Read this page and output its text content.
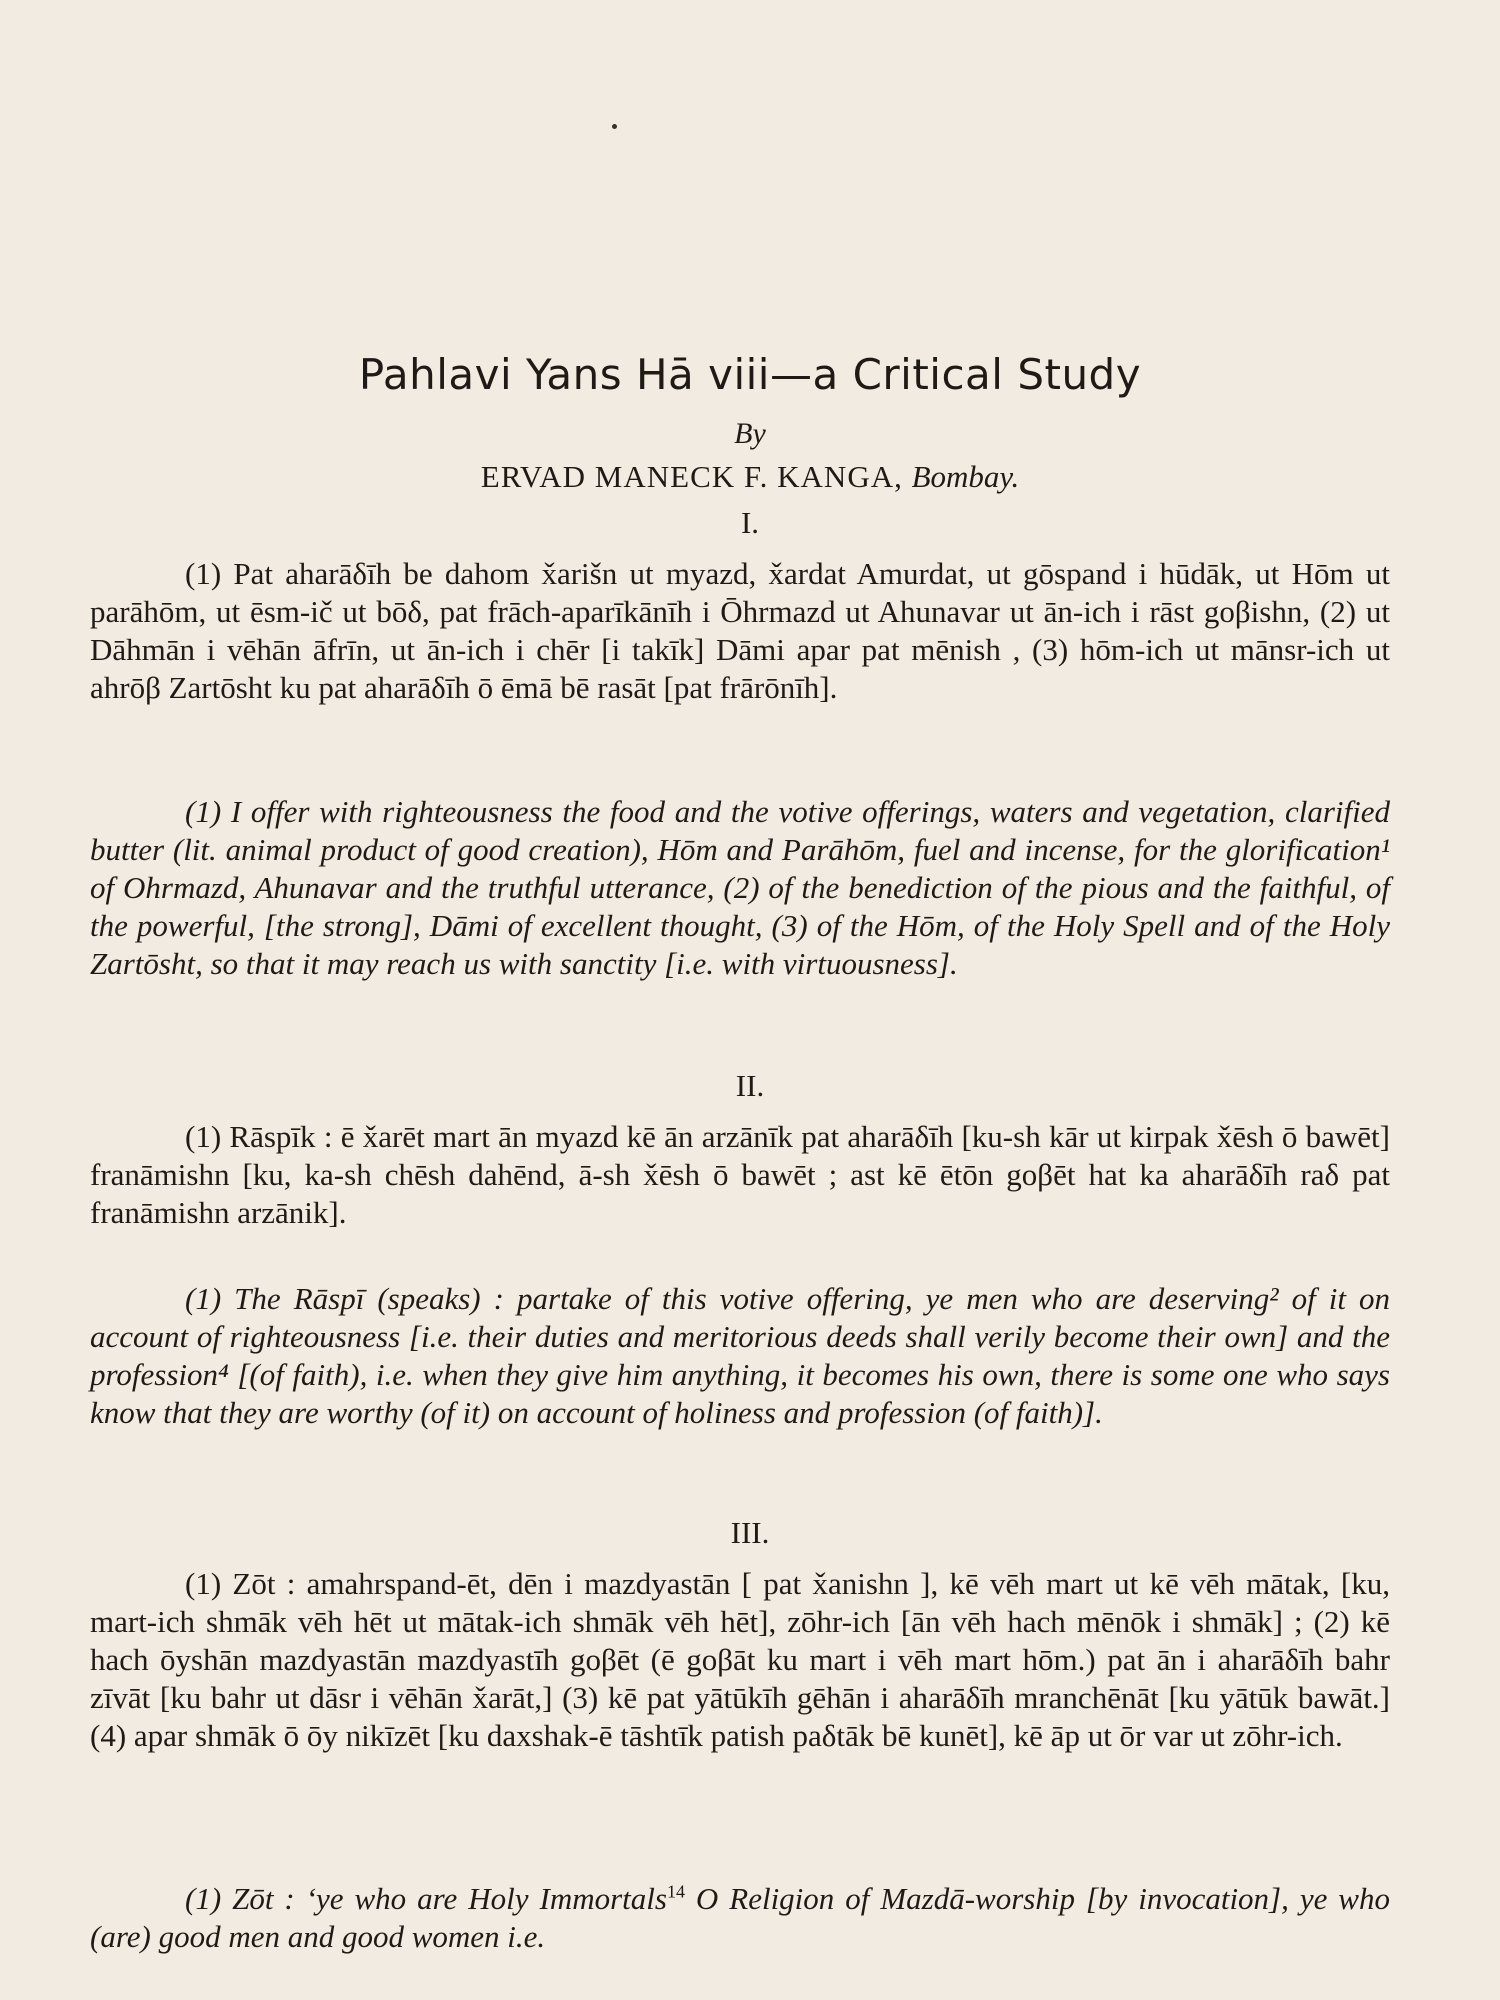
Pahlavi Yans Hā viii—a Critical Study
By
ERVAD MANECK F. KANGA, Bombay.
I.

(1) Pat aharāδīh be dahom x̌arišn ut myazd, x̌ardat Amurdat, ut gōspand i hūdāk, ut Hōm ut parāhōm, ut ēsm-ič ut bōδ, pat frāch-aparīkānīh i Ōhrmazd ut Ahunavar ut ān-ich i rāst goβishn, (2) ut Dāhmān i vēhān āfrīn, ut ān-ich i chēr [i takīk] Dāmi apar pat mēnish , (3) hōm-ich ut mānsr-ich ut ahrōβ Zartōsht ku pat aharāδīh ō ēmā bē rasāt [pat frārōnīh].

(1) I offer with righteousness the food and the votive offerings, waters and vegetation, clarified butter (lit. animal product of good creation), Hōm and Parāhōm, fuel and incense, for the glorification¹ of Ohrmazd, Ahunavar and the truthful utterance, (2) of the benediction of the pious and the faithful, of the powerful, [the strong], Dāmi of excellent thought, (3) of the Hōm, of the Holy Spell and of the Holy Zartōsht, so that it may reach us with sanctity [i.e. with virtuousness].

II.

(1) Rāspīk : ē x̌arēt mart ān myazd kē ān arzānīk pat aharāδīh [ku-sh kār ut kirpak x̌ēsh ō bawēt] franāmishn [ku, ka-sh chēsh dahēnd, ā-sh x̌ēsh ō bawēt ; ast kē ētōn goβēt hat ka aharāδīh raδ pat franāmishn arzānik].

(1) The Rāspī (speaks) : partake of this votive offering, ye men who are deserving² of it on account of righteousness [i.e. their duties and meritorious deeds shall verily become their own] and the profession⁴ [(of faith), i.e. when they give him anything, it becomes his own, there is some one who says know that they are worthy (of it) on account of holiness and profession (of faith)].

III.

(1) Zōt : amahrspand-ēt, dēn i mazdyastān [ pat x̌anishn ], kē vēh mart ut kē vēh mātak, [ku, mart-ich shmāk vēh hēt ut mātak-ich shmāk vēh hēt], zōhr-ich [ān vēh hach mēnōk i shmāk] ; (2) kē hach ōyshān mazdyastān mazdyastīh goβēt (ē goβāt ku mart i vēh mart hōm.) pat ān i aharāδīh bahr zīvāt [ku bahr ut dāsr i vēhān x̌arāt,] (3) kē pat yātūkīh gēhān i aharāδīh mranchēnāt [ku yātūk bawāt.] (4) apar shmāk ō ōy nikīzēt [ku daxshak-ē tāshtīk patish paδtāk bē kunēt], kē āp ut ōr var ut zōhr-ich.

(1) Zōt : ‘ye who are Holy Immortals$^{14}$ O Religion of Mazdā-worship [by invocation], ye who (are) good men and good women i.e.
